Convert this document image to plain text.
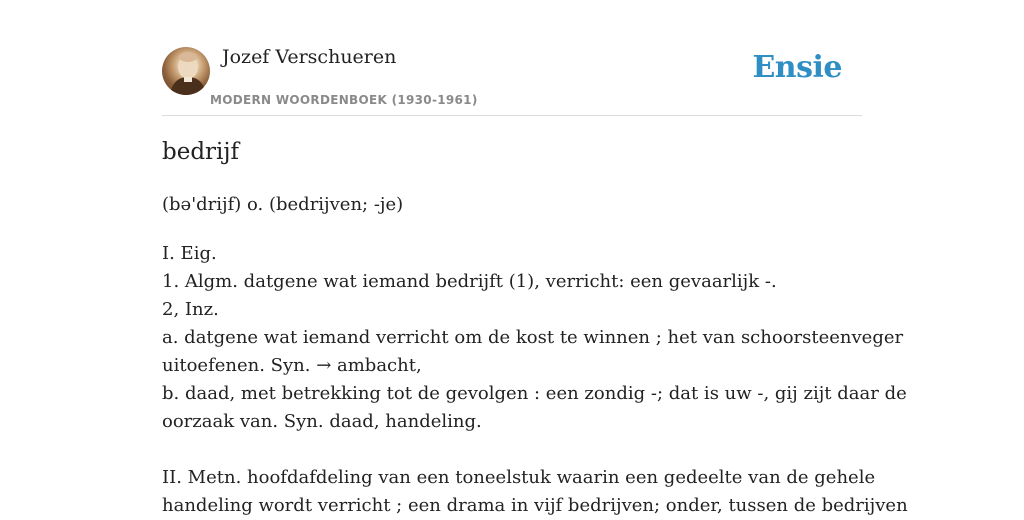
Jozef Verschueren
MODERN WOORDENBOEK (1930-1961)
Ensie
bedrijf
(bə'drijf) o. (bedrijven; -je)
I. Eig.
1. Algm. datgene wat iemand bedrijft (1), verricht: een gevaarlijk -.
2, Inz.
a. datgene wat iemand verricht om de kost te winnen ; het van schoorsteenveger
uitoefenen. Syn. → ambacht,
b. daad, met betrekking tot de gevolgen : een zondig -; dat is uw -, gij zijt daar de
oorzaak van. Syn. daad, handeling.
II. Metn. hoofdafdeling van een toneelstuk waarin een gedeelte van de gehele
handeling wordt verricht ; een drama in vijf bedrijven; onder, tussen de bedrijven
